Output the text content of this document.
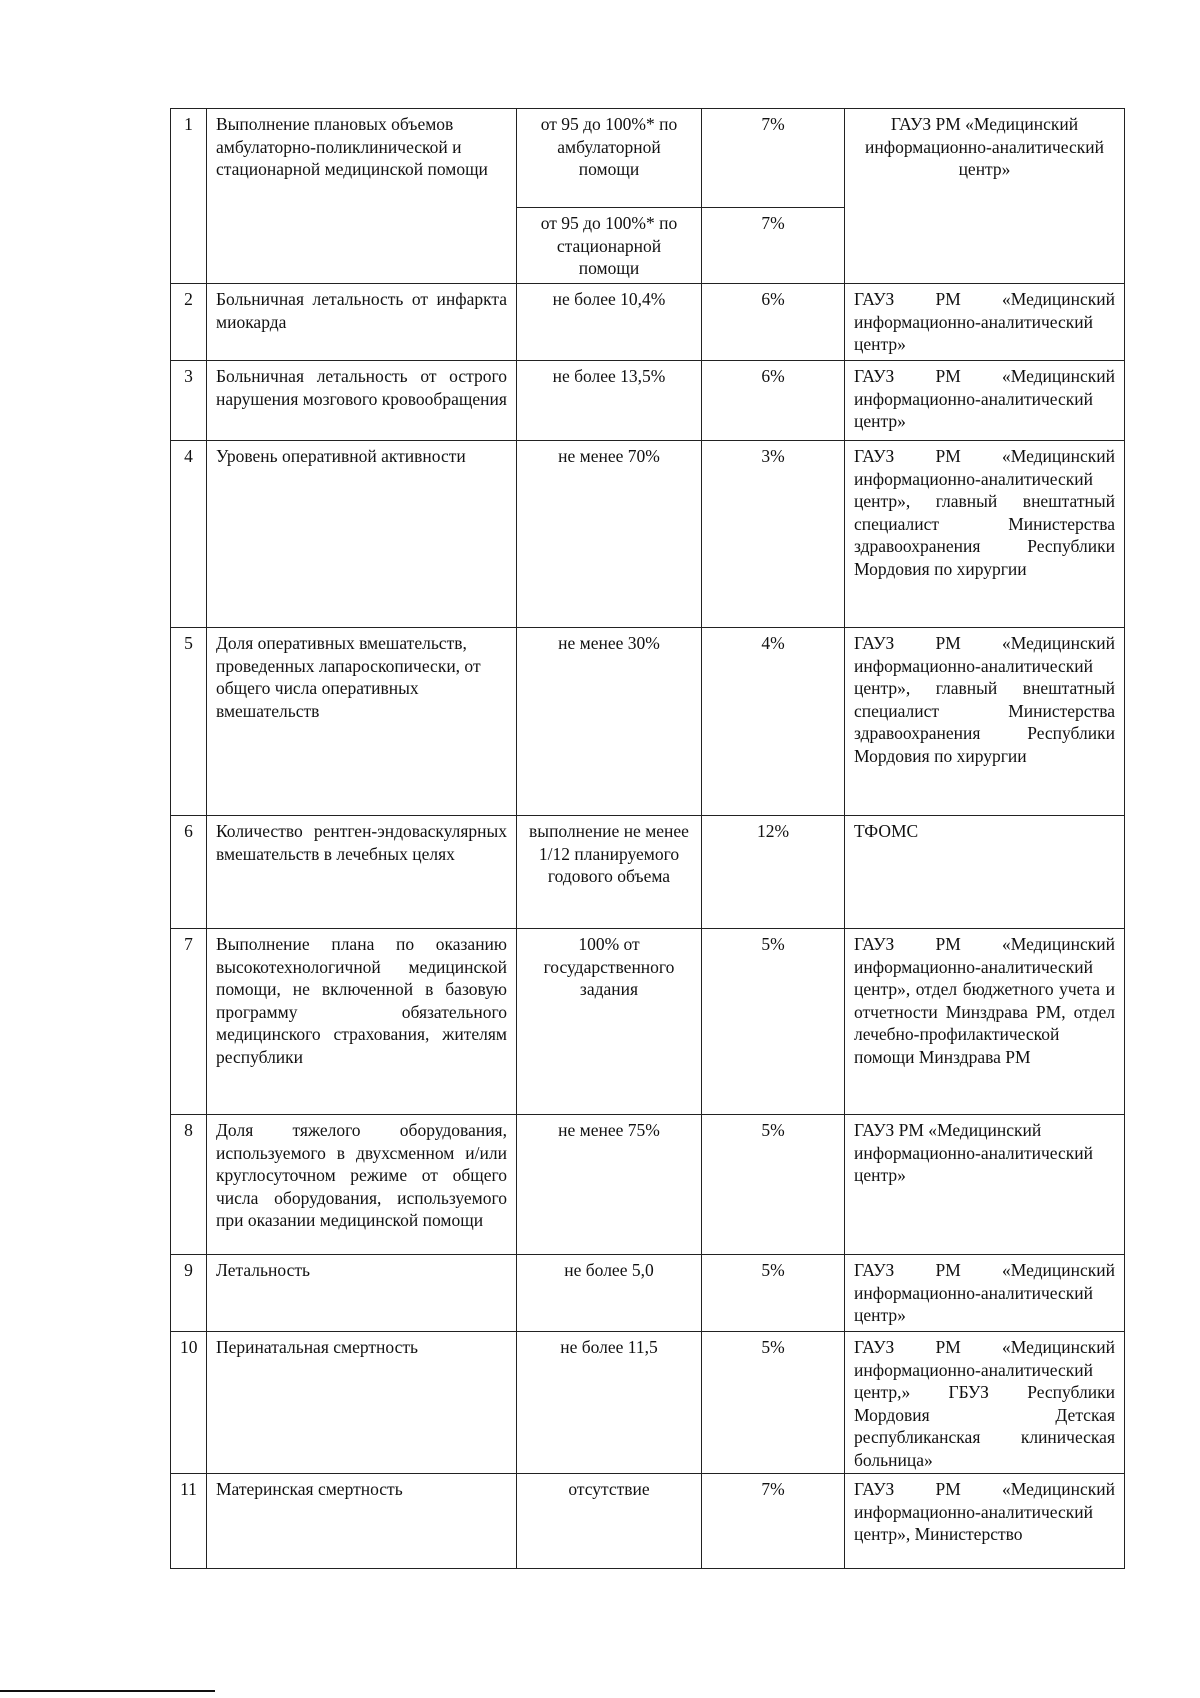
1	Выполнение плановых объемов амбулаторно-поликлинической и стационарной медицинской помощи	от 95 до 100%* по амбулаторной помощи	7%	ГАУЗ РМ «Медицинский информационно-аналитический центр»
		от 95 до 100%* по стационарной помощи	7%	
2	Больничная летальность от инфаркта миокарда	не более 10,4%	6%	ГАУЗ РМ «Медицинский информационно-аналитический центр»
3	Больничная летальность от острого нарушения мозгового кровообращения	не более 13,5%	6%	ГАУЗ РМ «Медицинский информационно-аналитический центр»
4	Уровень оперативной активности	не менее 70%	3%	ГАУЗ РМ «Медицинский информационно-аналитический центр», главный внештатный специалист Министерства здравоохранения Республики Мордовия по хирургии
5	Доля оперативных вмешательств, проведенных лапароскопически, от общего числа оперативных вмешательств	не менее 30%	4%	ГАУЗ РМ «Медицинский информационно-аналитический центр», главный внештатный специалист Министерства здравоохранения Республики Мордовия по хирургии
6	Количество рентген-эндоваскулярных вмешательств в лечебных целях	выполнение не менее 1/12 планируемого годового объема	12%	ТФОМС
7	Выполнение плана по оказанию высокотехнологичной медицинской помощи, не включенной в базовую программу обязательного медицинского страхования, жителям республики	100% от государственного задания	5%	ГАУЗ РМ «Медицинский информационно-аналитический центр», отдел бюджетного учета и отчетности Минздрава РМ, отдел лечебно-профилактической помощи Минздрава РМ
8	Доля тяжелого оборудования, используемого в двухсменном и/или круглосуточном режиме от общего числа оборудования, используемого при оказании медицинской помощи	не менее 75%	5%	ГАУЗ РМ «Медицинский информационно-аналитический центр»
9	Летальность	не более 5,0	5%	ГАУЗ РМ «Медицинский информационно-аналитический центр»
10	Перинатальная смертность	не более 11,5	5%	ГАУЗ РМ «Медицинский информационно-аналитический центр,» ГБУЗ Республики Мордовия Детская республиканская клиническая больница»
11	Материнская смертность	отсутствие	7%	ГАУЗ РМ «Медицинский информационно-аналитический центр», Министерство
